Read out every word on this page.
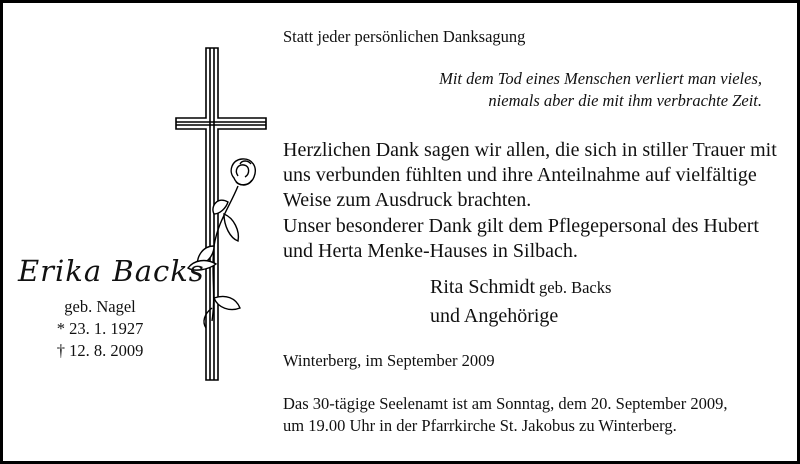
Erika Backs
geb. Nagel
* 23. 1. 1927
† 12. 8. 2009
Statt jeder persönlichen Danksagung
Mit dem Tod eines Menschen verliert man vieles,
niemals aber die mit ihm verbrachte Zeit.
Herzlichen Dank sagen wir allen, die sich in stiller Trauer mit
uns verbunden fühlten und ihre Anteilnahme auf vielfältige
Weise zum Ausdruck brachten.
Unser besonderer Dank gilt dem Pflegepersonal des Hubert
und Herta Menke-Hauses in Silbach.
Rita Schmidt geb. Backs
und Angehörige
Winterberg, im September 2009
Das 30-tägige Seelenamt ist am Sonntag, dem 20. September 2009,
um 19.00 Uhr in der Pfarrkirche St. Jakobus zu Winterberg.
